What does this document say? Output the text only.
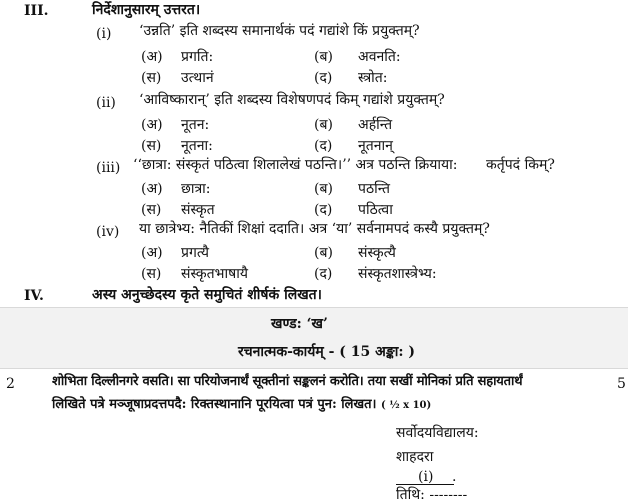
III.	निर्देशानुसारम् उत्तरत।
(i) ‘उन्नति’ इति शब्दस्य समानार्थकं पदं गद्यांशे किं प्रयुक्तम्?
(अ) प्रगति:	(ब) अवनति:
(स) उत्थानं	(द) स्त्रोत:
(ii) ‘आविष्कारान्’ इति शब्दस्य विशेषणपदं किम् गद्यांशे प्रयुक्तम्?
(अ) नूतन:	(ब) अर्हन्ति
(स) नूतना:	(द) नूतनान्
(iii) ‘‘छात्रा: संस्कृतं पठित्वा शिलालेखं पठन्ति।’’ अत्र पठन्ति क्रियाया: कर्तृपदं किम्?
(अ) छात्रा:	(ब) पठन्ति
(स) संस्कृत	(द) पठित्वा
(iv) या छात्रेभ्य: नैतिकीं शिक्षां ददाति। अत्र ‘या’ सर्वनामपदं कस्यै प्रयुक्तम्?
(अ) प्रगत्यै	(ब) संस्कृत्यै
(स) संस्कृतभाषायै	(द) संस्कृतशास्त्रेभ्य:
IV.	अस्य अनुच्छेदस्य कृते समुचितं शीर्षकं लिखत।
खण्ड: ‘ख’
रचनात्मक-कार्यम् - ( 15 अङ्का: )
2	5
शोभिता दिल्लीनगरे वसति। सा परियोजनार्थं सूक्तीनां सङ्कलनं करोति। तया सखीं मोनिकां प्रति सहायतार्थं
लिखिते पत्रे मञ्जूषाप्रदत्तपदै: रिक्तस्थानानि पूरयित्वा पत्रं पुन: लिखत। ( ½ x 10)
सर्वोदयविद्यालय:
शाहदरा
(i) .
तिथि: --------
